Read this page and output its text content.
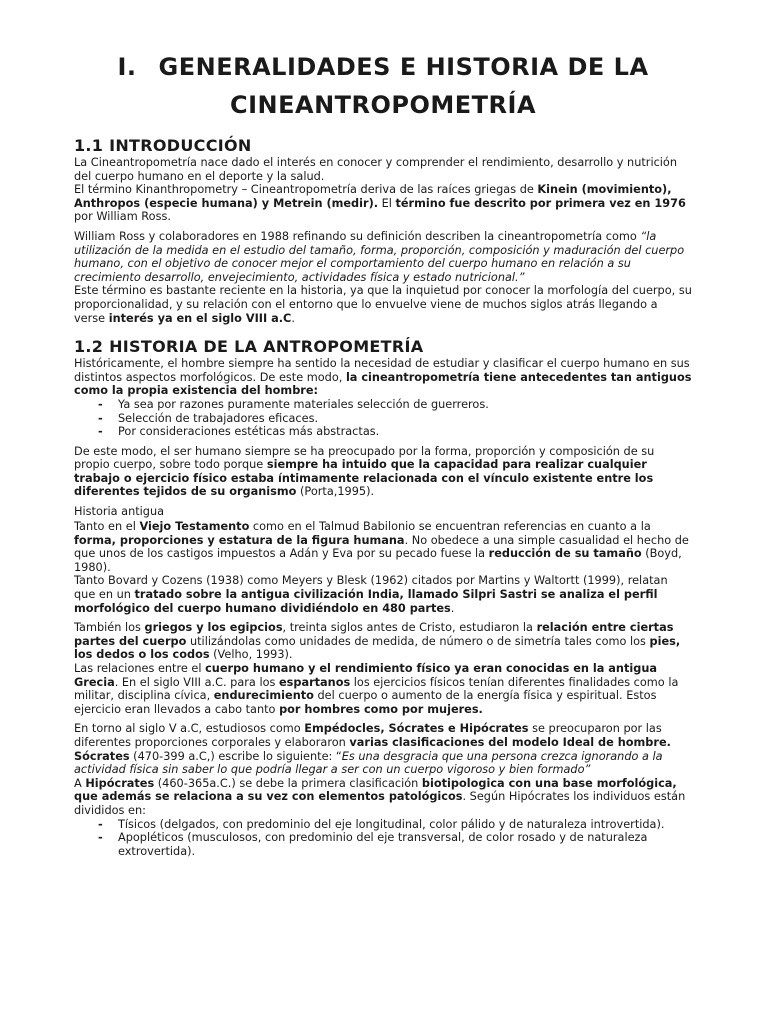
I. GENERALIDADES E HISTORIA DE LA CINEANTROPOMETRÍA
1.1 INTRODUCCIÓN

La Cineantropometría nace dado el interés en conocer y comprender el rendimiento, desarrollo y nutrición del cuerpo humano en el deporte y la salud.

El término Kinanthropometry – Cineantropometría deriva de las raíces griegas de Kinein (movimiento), Anthropos (especie humana) y Metrein (medir). El término fue descrito por primera vez en 1976 por William Ross.

William Ross y colaboradores en 1988 refinando su definición describen la cineantropometría como “la utilización de la medida en el estudio del tamaño, forma, proporción, composición y maduración del cuerpo humano, con el objetivo de conocer mejor el comportamiento del cuerpo humano en relación a su crecimiento desarrollo, envejecimiento, actividades física y estado nutricional.”

Este término es bastante reciente en la historia, ya que la inquietud por conocer la morfología del cuerpo, su proporcionalidad, y su relación con el entorno que lo envuelve viene de muchos siglos atrás llegando a verse interés ya en el siglo VIII a.C.

1.2 HISTORIA DE LA ANTROPOMETRÍA

Históricamente, el hombre siempre ha sentido la necesidad de estudiar y clasificar el cuerpo humano en sus distintos aspectos morfológicos. De este modo, la cineantropometría tiene antecedentes tan antiguos como la propia existencia del hombre:

- Ya sea por razones puramente materiales selección de guerreros.
- Selección de trabajadores eficaces.
- Por consideraciones estéticas más abstractas.

De este modo, el ser humano siempre se ha preocupado por la forma, proporción y composición de su propio cuerpo, sobre todo porque siempre ha intuido que la capacidad para realizar cualquier trabajo o ejercicio físico estaba íntimamente relacionada con el vínculo existente entre los diferentes tejidos de su organismo (Porta,1995).

Historia antigua

Tanto en el Viejo Testamento como en el Talmud Babilonio se encuentran referencias en cuanto a la forma, proporciones y estatura de la figura humana. No obedece a una simple casualidad el hecho de que unos de los castigos impuestos a Adán y Eva por su pecado fuese la reducción de su tamaño (Boyd, 1980).

Tanto Bovard y Cozens (1938) como Meyers y Blesk (1962) citados por Martins y Waltortt (1999), relatan que en un tratado sobre la antigua civilización India, llamado Silpri Sastri se analiza el perfil morfológico del cuerpo humano dividiéndolo en 480 partes.

También los griegos y los egipcios, treinta siglos antes de Cristo, estudiaron la relación entre ciertas partes del cuerpo utilizándolas como unidades de medida, de número o de simetría tales como los pies, los dedos o los codos (Velho, 1993).

Las relaciones entre el cuerpo humano y el rendimiento físico ya eran conocidas en la antigua Grecia. En el siglo VIII a.C. para los espartanos los ejercicios físicos tenían diferentes finalidades como la militar, disciplina cívica, endurecimiento del cuerpo o aumento de la energía física y espiritual. Estos ejercicio eran llevados a cabo tanto por hombres como por mujeres.

En torno al siglo V a.C, estudiosos como Empédocles, Sócrates e Hipócrates se preocuparon por las diferentes proporciones corporales y elaboraron varias clasificaciones del modelo Ideal de hombre.

Sócrates (470-399 a.C,) escribe lo siguiente: “Es una desgracia que una persona crezca ignorando a la actividad física sin saber lo que podría llegar a ser con un cuerpo vigoroso y bien formado”

A Hipócrates (460-365a.C.) se debe la primera clasificación biotipologica con una base morfológica, que además se relaciona a su vez con elementos patológicos. Según Hipócrates los individuos están divididos en:

- Tísicos (delgados, con predominio del eje longitudinal, color pálido y de naturaleza introvertida).
- Apopléticos (musculosos, con predominio del eje transversal, de color rosado y de naturaleza extrovertida).
